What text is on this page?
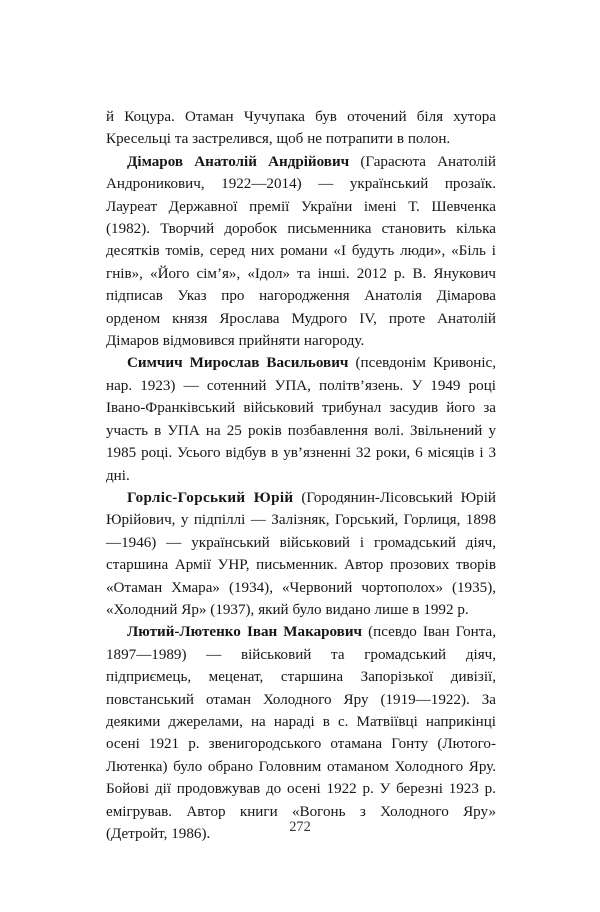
й Коцура. Отаман Чучупака був оточений біля хутора Кресельці та застрелився, щоб не потрапити в полон.

Дімаров Анатолій Андрійович (Гарасюта Анатолій Андроникович, 1922—2014) — український прозаїк. Лауреат Державної премії України імені Т. Шевченка (1982). Творчий доробок письменника становить кілька десятків томів, серед них романи «І будуть люди», «Біль і гнів», «Його сім’я», «Ідол» та інші. 2012 р. В. Янукович підписав Указ про нагородження Анатолія Дімарова орденом князя Ярослава Мудрого IV, проте Анатолій Дімаров відмовився прийняти нагороду.

Симчич Мирослав Васильович (псевдонім Кривоніс, нар. 1923) — сотенний УПА, політв’язень. У 1949 році Івано-Франківський військовий трибунал засудив його за участь в УПА на 25 років позбавлення волі. Звільнений у 1985 році. Усього відбув в ув’язненні 32 роки, 6 місяців і 3 дні.

Горліс-Горський Юрій (Городянин-Лісовський Юрій Юрійович, у підпіллі — Залізняк, Горський, Горлиця, 1898—1946) — український військовий і громадський діяч, старшина Армії УНР, письменник. Автор прозових творів «Отаман Хмара» (1934), «Червоний чортополох» (1935), «Холодний Яр» (1937), який було видано лише в 1992 р.

Лютий-Лютенко Іван Макарович (псевдо Іван Гонта, 1897—1989) — військовий та громадський діяч, підприємець, меценат, старшина Запорізької дивізії, повстанський отаман Холодного Яру (1919—1922). За деякими джерелами, на нараді в с. Матвіївці наприкінці осені 1921 р. звенигородського отамана Гонту (Лютого-Лютенка) було обрано Головним отаманом Холодного Яру. Бойові дії продовжував до осені 1922 р. У березні 1923 р. емігрував. Автор книги «Вогонь з Холодного Яру» (Детройт, 1986).	272
